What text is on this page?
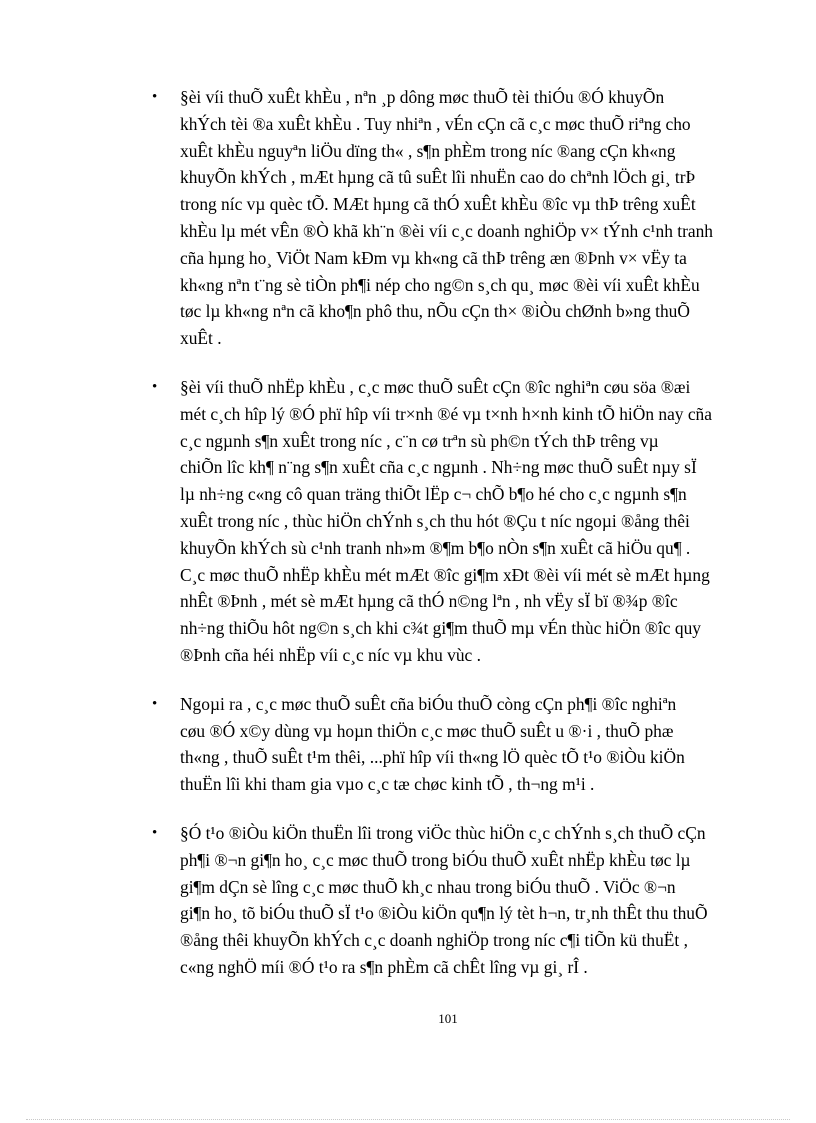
• §èi víi thuÕ xuÊt khÈu , nªn ¸p dông møc thuÕ tèi thiÓu ®Ó khuyÕn
khÝch tèi ®a xuÊt khÈu . Tuy nhiªn , vÉn cÇn cã c¸c møc thuÕ riªng cho
xuÊt khÈu nguyªn liÖu dïng th« , s¶n phÈm trong níc ®ang cÇn kh«ng
khuyÕn khÝch , mÆt hµng cã tû suÊt lîi nhuËn cao do chªnh lÖch gi¸ trÞ
trong níc vµ quèc tÕ. MÆt hµng cã thÓ xuÊt khÈu ®îc vµ thÞ trêng xuÊt
khÈu lµ mét vÊn ®Ò khã kh¨n ®èi víi c¸c doanh nghiÖp v× tÝnh c¹nh tranh
cña hµng ho¸ ViÖt Nam kÐm vµ kh«ng cã thÞ trêng æn ®Þnh v× vËy ta
kh«ng nªn t¨ng sè tiÒn ph¶i nép cho ng©n s¸ch qu¸ møc ®èi víi xuÊt khÈu
tøc lµ kh«ng nªn cã kho¶n phô thu, nÕu cÇn th× ®iÒu chØnh b»ng thuÕ
xuÊt .
• §èi víi thuÕ nhËp khÈu , c¸c møc thuÕ suÊt cÇn ®îc nghiªn cøu söa ®æi
mét c¸ch hîp lý ®Ó phï hîp víi tr×nh ®é vµ t×nh h×nh kinh tÕ hiÖn nay cña
c¸c ngµnh s¶n xuÊt trong níc , c¨n cø trªn sù ph©n tÝch thÞ trêng vµ
chiÕn lîc kh¶ n¨ng s¶n xuÊt cña c¸c ngµnh . Nh÷ng møc thuÕ suÊt nµy sÏ
lµ nh÷ng c«ng cô quan träng thiÕt lËp c¬ chÕ b¶o hé cho c¸c ngµnh s¶n
xuÊt trong níc , thùc hiÖn chÝnh s¸ch thu hót ®Çu t níc ngoµi ®ång thêi
khuyÕn khÝch sù c¹nh tranh nh»m ®¶m b¶o nÒn s¶n xuÊt cã hiÖu qu¶ .
C¸c møc thuÕ nhËp khÈu mét mÆt ®îc gi¶m xÐt ®èi víi mét sè mÆt hµng
nhÊt ®Þnh , mét sè mÆt hµng cã thÓ n©ng lªn , nh vËy sÏ bï ®¾p ®îc
nh÷ng thiÕu hôt ng©n s¸ch khi c¾t gi¶m thuÕ mµ vÉn thùc hiÖn ®îc quy
®Þnh cña héi nhËp víi c¸c níc vµ khu vùc .
• Ngoµi ra , c¸c møc thuÕ suÊt cña biÓu thuÕ còng cÇn ph¶i ®îc nghiªn
cøu ®Ó x©y dùng vµ hoµn thiÖn c¸c møc thuÕ suÊt u ®·i , thuÕ phæ
th«ng , thuÕ suÊt t¹m thêi, ...phï hîp víi th«ng lÖ quèc tÕ t¹o ®iÒu kiÖn
thuËn lîi khi tham gia vµo c¸c tæ chøc kinh tÕ , th¬ng m¹i .
• §Ó t¹o ®iÒu kiÖn thuËn lîi trong viÖc thùc hiÖn c¸c chÝnh s¸ch thuÕ cÇn
ph¶i ®¬n gi¶n ho¸ c¸c møc thuÕ trong biÓu thuÕ xuÊt nhËp khÈu tøc lµ
gi¶m dÇn sè lîng c¸c møc thuÕ kh¸c nhau trong biÓu thuÕ . ViÖc ®¬n
gi¶n ho¸ tõ biÓu thuÕ sÏ t¹o ®iÒu kiÖn qu¶n lý tèt h¬n, tr¸nh thÊt thu thuÕ
®ång thêi khuyÕn khÝch c¸c doanh nghiÖp trong níc c¶i tiÕn kü thuËt ,
c«ng nghÖ míi ®Ó t¹o ra s¶n phÈm cã chÊt lîng vµ gi¸ rÎ .
101
